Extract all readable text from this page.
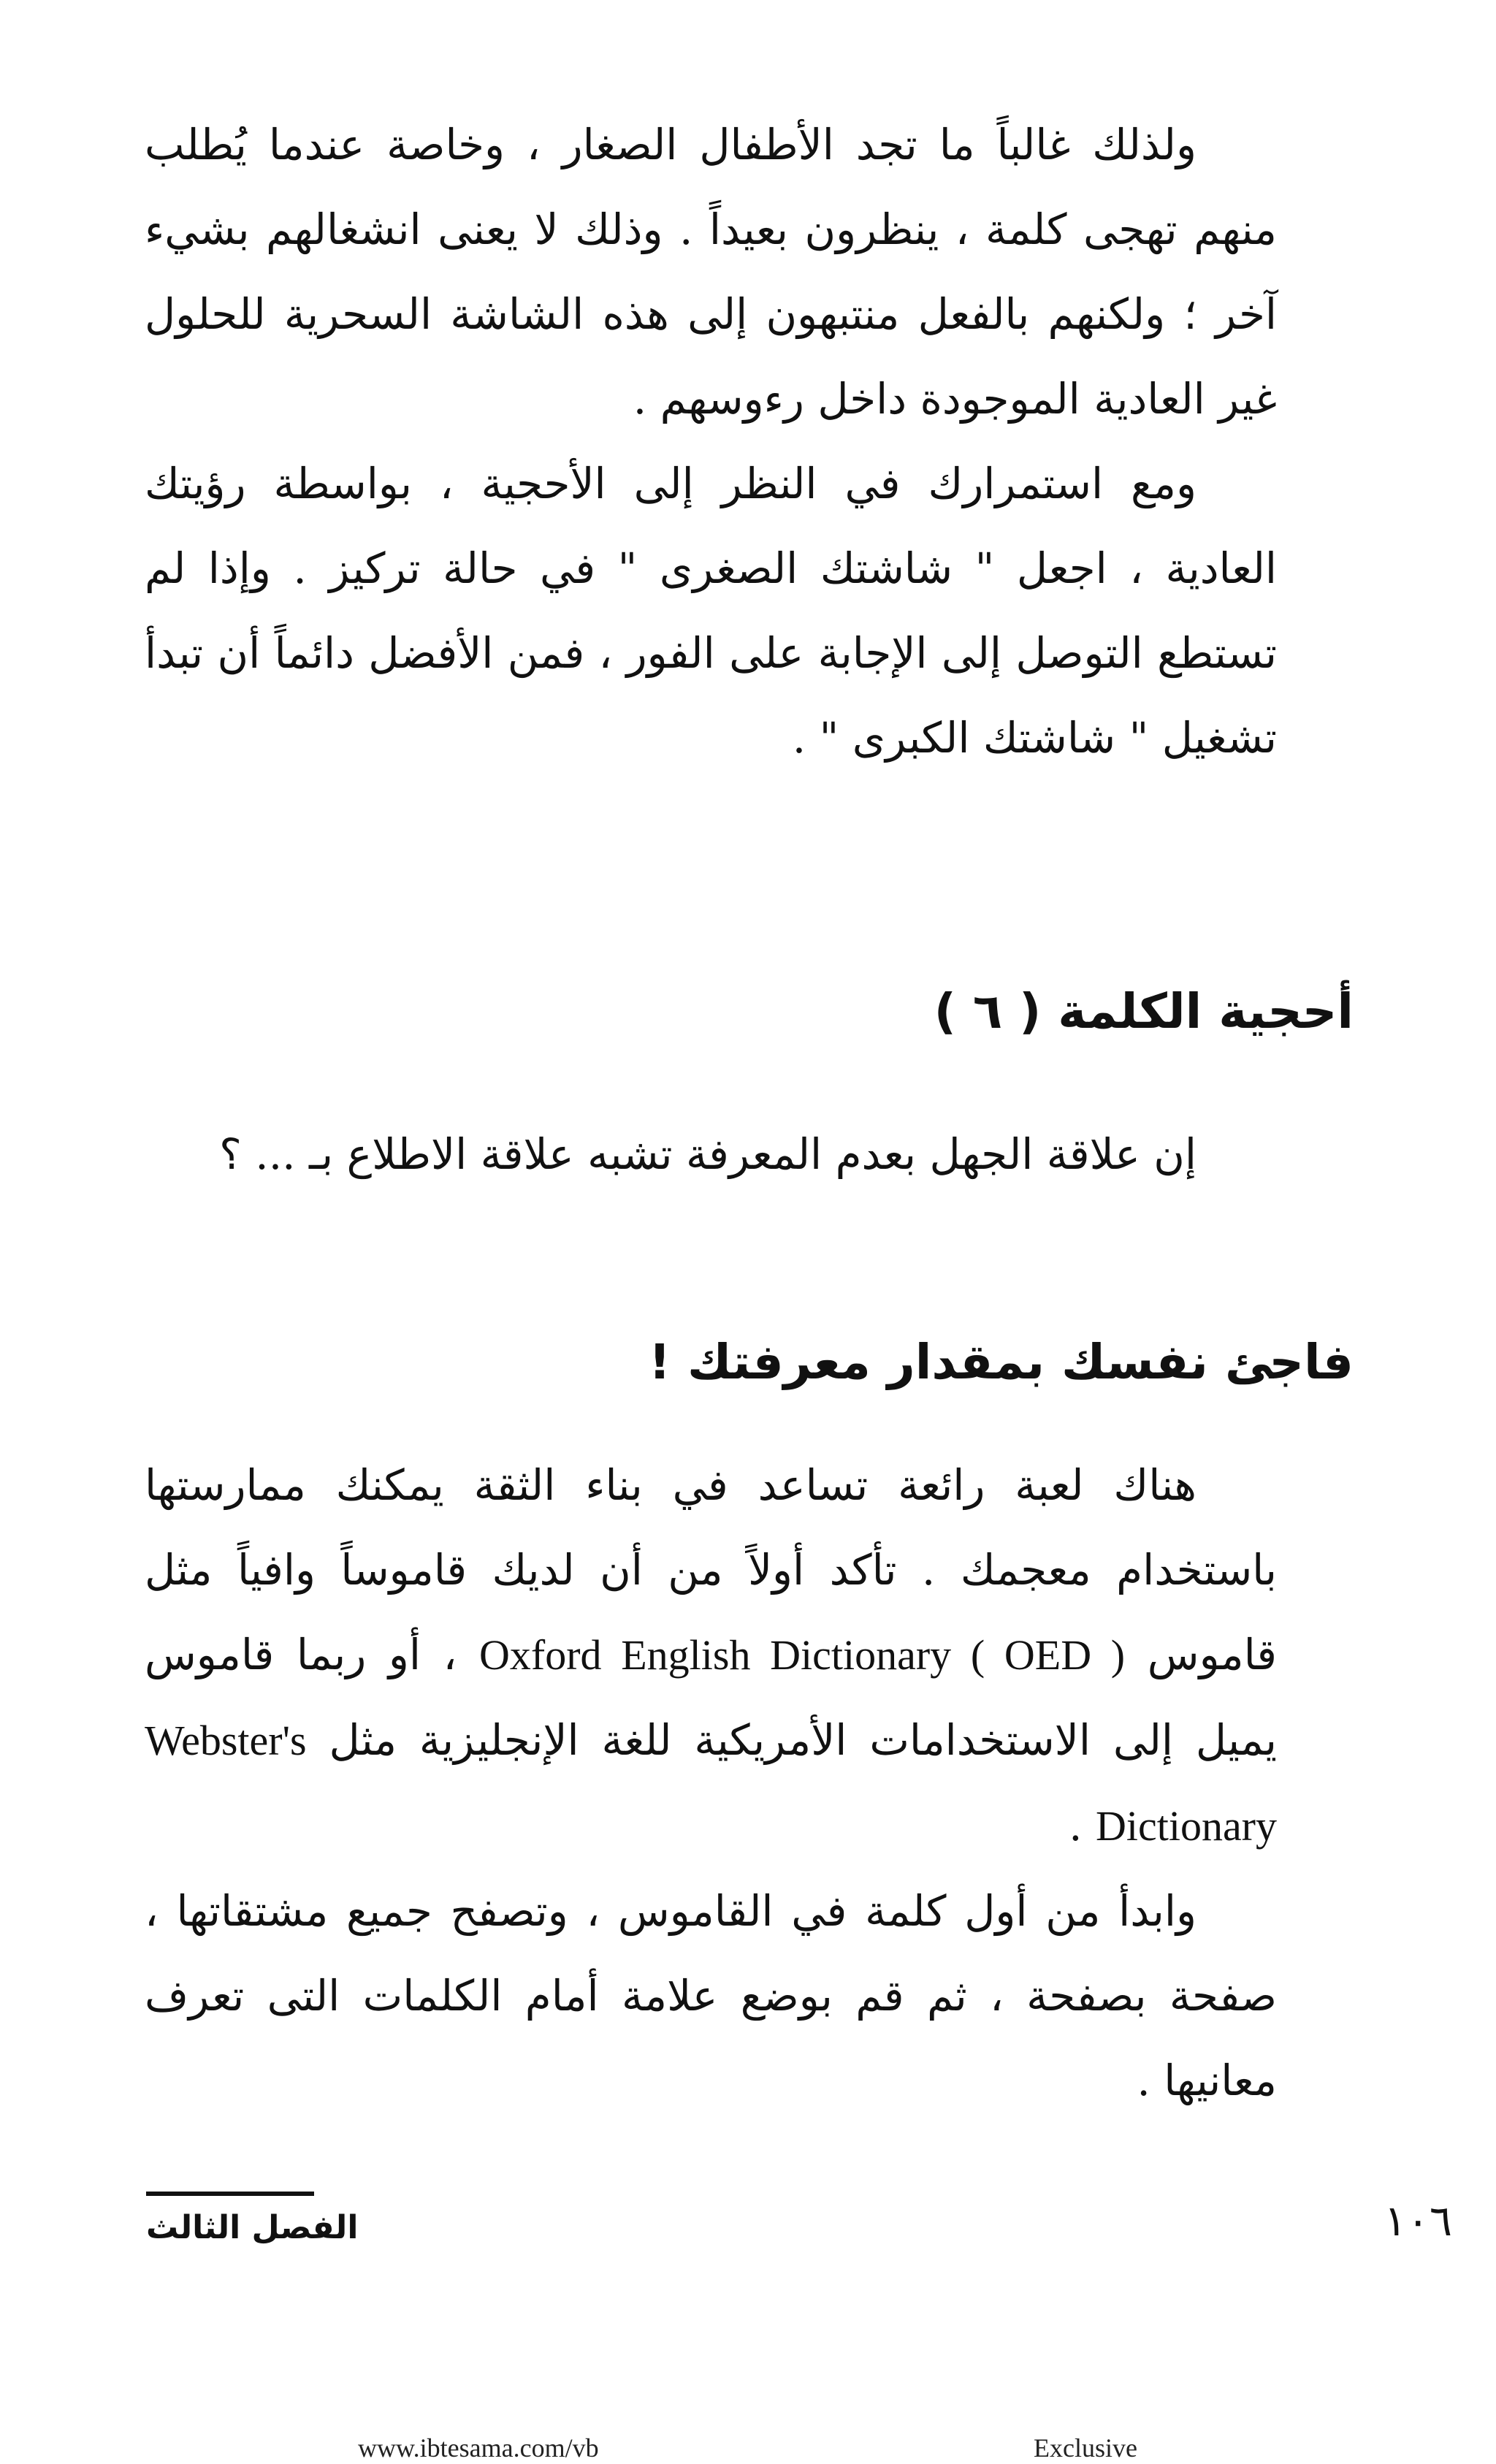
ولذلك غالباً ما تجد الأطفال الصغار ، وخاصة عندما يُطلب منهم تهجى كلمة ، ينظرون بعيداً . وذلك لا يعنى انشغالهم بشيء آخر ؛ ولكنهم بالفعل منتبهون إلى هذه الشاشة السحرية للحلول غير العادية الموجودة داخل رءوسهم .

ومع استمرارك في النظر إلى الأحجية ، بواسطة رؤيتك العادية ، اجعل " شاشتك الصغرى " في حالة تركيز . وإذا لم تستطع التوصل إلى الإجابة على الفور ، فمن الأفضل دائماً أن تبدأ تشغيل " شاشتك الكبرى " .

أحجية الكلمة ( ٦ )

إن علاقة الجهل بعدم المعرفة تشبه علاقة الاطلاع بـ ... ؟

فاجئ نفسك بمقدار معرفتك !

هناك لعبة رائعة تساعد في بناء الثقة يمكنك ممارستها باستخدام معجمك . تأكد أولاً من أن لديك قاموساً وافياً مثل قاموس Oxford English Dictionary ( OED ) ، أو ربما قاموس يميل إلى الاستخدامات الأمريكية للغة الإنجليزية مثل Webster's Dictionary .

وابدأ من أول كلمة في القاموس ، وتصفح جميع مشتقاتها ، صفحة بصفحة ، ثم قم بوضع علامة أمام الكلمات التى تعرف معانيها .

الفصل الثالث	١٠٦

www.ibtesama.com/vb	Exclusive
